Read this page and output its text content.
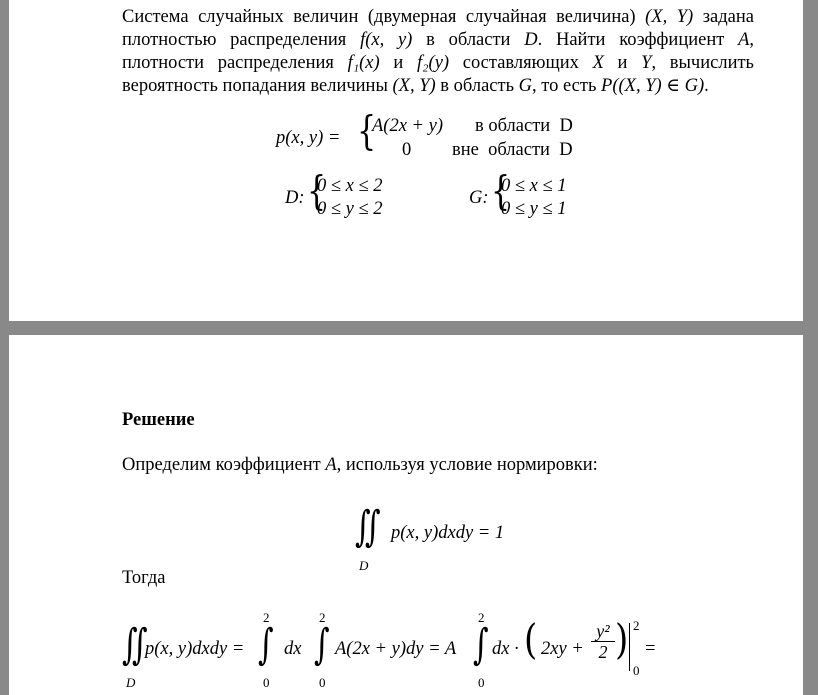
Система случайных величин (двумерная случайная величина) (X, Y) задана
плотностью распределения f(x, y) в области D. Найти коэффициент A,
плотности распределения f₁(x) и f₂(y) составляющих X и Y, вычислить
вероятность попадания величины (X, Y) в область G, то есть P((X, Y) ∈ G).
p(x, y) = {
A(2x + y) в области  D
0 вне  области  D
D: {
0 ≤ x ≤ 2
0 ≤ y ≤ 2
G: {
0 ≤ x ≤ 1
0 ≤ y ≤ 1
Решение
Определим коэффициент A, используя условие нормировки:
∬ p(x, y)dxdy = 1
D
Тогда
∬
D
p(x, y)dxdy =
2
∫
0
dx
2
∫
0
A(2x + y)dy = A
2
∫
0
dx · ( $2xy + \frac{\text{y²}}{2}$ ) 2
0
=
